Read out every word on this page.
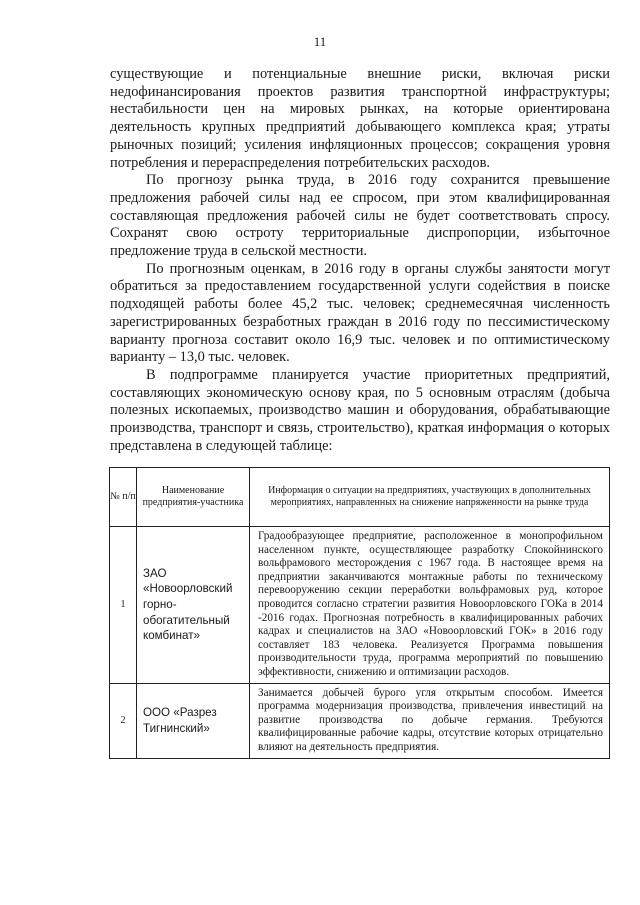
11

существующие и потенциальные внешние риски, включая риски недофинансирования проектов развития транспортной инфраструктуры; нестабильности цен на мировых рынках, на которые ориентирована деятельность крупных предприятий добывающего комплекса края; утраты рыночных позиций; усиления инфляционных процессов; сокращения уровня потребления и перераспределения потребительских расходов.

По прогнозу рынка труда, в 2016 году сохранится превышение предложения рабочей силы над ее спросом, при этом квалифицированная составляющая предложения рабочей силы не будет соответствовать спросу. Сохранят свою остроту территориальные диспропорции, избыточное предложение труда в сельской местности.

По прогнозным оценкам, в 2016 году в органы службы занятости могут обратиться за предоставлением государственной услуги содействия в поиске подходящей работы более 45,2 тыс. человек; среднемесячная численность зарегистрированных безработных граждан в 2016 году по пессимистическому варианту прогноза составит около 16,9 тыс. человек и по оптимистическому варианту – 13,0 тыс. человек.

В подпрограмме планируется участие приоритетных предприятий, составляющих экономическую основу края, по 5 основным отраслям (добыча полезных ископаемых, производство машин и оборудования, обрабатывающие производства, транспорт и связь, строительство), краткая информация о которых представлена в следующей таблице:

№ п/п	Наименование предприятия-участника	Информация о ситуации на предприятиях, участвующих в дополнительных мероприятиях, направленных на снижение напряженности на рынке труда
1	ЗАО «Новоорловский горно-обогатительный комбинат»	Градообразующее предприятие, расположенное в монопрофильном населенном пункте, осуществляющее разработку Спокойнинского вольфрамового месторождения с 1967 года. В настоящее время на предприятии заканчиваются монтажные работы по техническому перевооружению секции переработки вольфрамовых руд, которое проводится согласно стратегии развития Новоорловского ГОКа в 2014 -2016 годах. Прогнозная потребность в квалифицированных рабочих кадрах и специалистов на ЗАО «Новоорловский ГОК» в 2016 году составляет 183 человека. Реализуется Программа повышения производительности труда, программа мероприятий по повышению эффективности, снижению и оптимизации расходов.
2	ООО «Разрез Тигнинский»	Занимается добычей бурого угля открытым способом. Имеется программа модернизация производства, привлечения инвестиций на развитие производства по добыче германия. Требуются квалифицированные рабочие кадры, отсутствие которых отрицательно влияют на деятельность предприятия.
